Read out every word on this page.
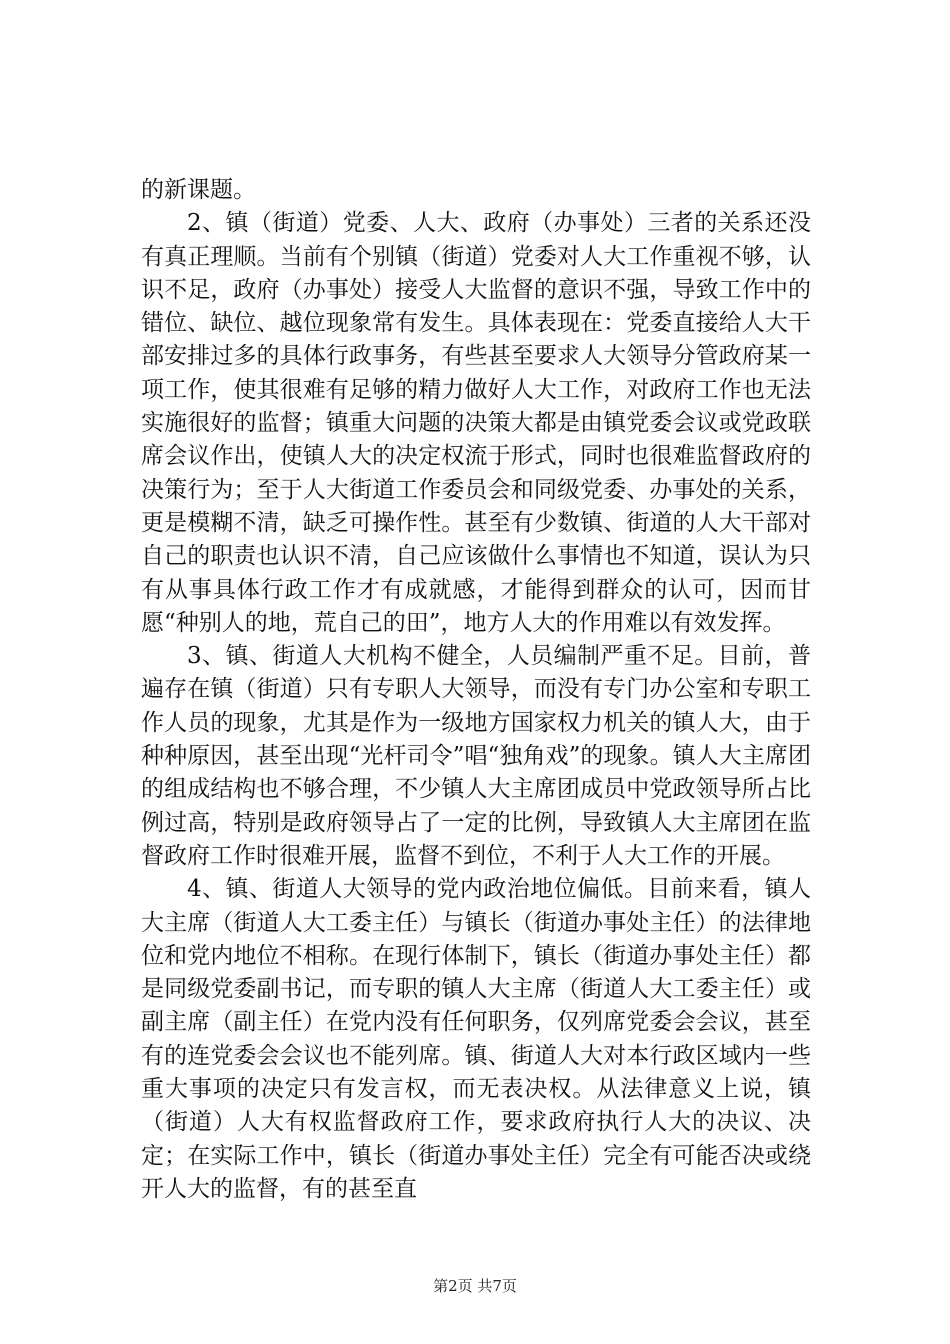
的新课题。

2、镇（街道）党委、人大、政府（办事处）三者的关系还没有真正理顺。当前有个别镇（街道）党委对人大工作重视不够，认识不足，政府（办事处）接受人大监督的意识不强，导致工作中的错位、缺位、越位现象常有发生。具体表现在：党委直接给人大干部安排过多的具体行政事务，有些甚至要求人大领导分管政府某一项工作，使其很难有足够的精力做好人大工作，对政府工作也无法实施很好的监督；镇重大问题的决策大都是由镇党委会议或党政联席会议作出，使镇人大的决定权流于形式，同时也很难监督政府的决策行为；至于人大街道工作委员会和同级党委、办事处的关系，更是模糊不清，缺乏可操作性。甚至有少数镇、街道的人大干部对自己的职责也认识不清，自己应该做什么事情也不知道，误认为只有从事具体行政工作才有成就感，才能得到群众的认可，因而甘愿“种别人的地，荒自己的田”，地方人大的作用难以有效发挥。

3、镇、街道人大机构不健全，人员编制严重不足。目前，普遍存在镇（街道）只有专职人大领导，而没有专门办公室和专职工作人员的现象，尤其是作为一级地方国家权力机关的镇人大，由于种种原因，甚至出现“光杆司令”唱“独角戏”的现象。镇人大主席团的组成结构也不够合理，不少镇人大主席团成员中党政领导所占比例过高，特别是政府领导占了一定的比例，导致镇人大主席团在监督政府工作时很难开展，监督不到位，不利于人大工作的开展。

4、镇、街道人大领导的党内政治地位偏低。目前来看，镇人大主席（街道人大工委主任）与镇长（街道办事处主任）的法律地位和党内地位不相称。在现行体制下，镇长（街道办事处主任）都是同级党委副书记，而专职的镇人大主席（街道人大工委主任）或副主席（副主任）在党内没有任何职务，仅列席党委会会议，甚至有的连党委会会议也不能列席。镇、街道人大对本行政区域内一些重大事项的决定只有发言权，而无表决权。从法律意义上说，镇（街道）人大有权监督政府工作，要求政府执行人大的决议、决定；在实际工作中，镇长（街道办事处主任）完全有可能否决或绕开人大的监督，有的甚至直

第2页 共7页
